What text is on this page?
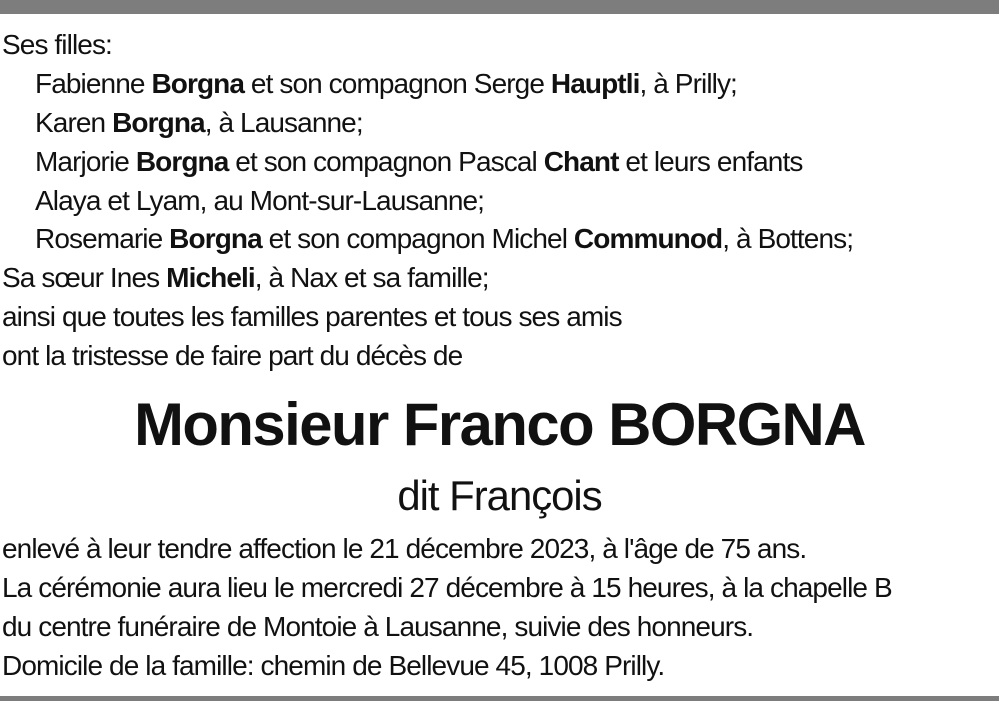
Ses filles:
Fabienne Borgna et son compagnon Serge Hauptli, à Prilly;
Karen Borgna, à Lausanne;
Marjorie Borgna et son compagnon Pascal Chant et leurs enfants
Alaya et Lyam, au Mont-sur-Lausanne;
Rosemarie Borgna et son compagnon Michel Communod, à Bottens;
Sa sœur Ines Micheli, à Nax et sa famille;
ainsi que toutes les familles parentes et tous ses amis
ont la tristesse de faire part du décès de
Monsieur Franco BORGNA
dit François
enlevé à leur tendre affection le 21 décembre 2023, à l'âge de 75 ans.
La cérémonie aura lieu le mercredi 27 décembre à 15 heures, à la chapelle B
du centre funéraire de Montoie à Lausanne, suivie des honneurs.
Domicile de la famille: chemin de Bellevue 45, 1008 Prilly.
